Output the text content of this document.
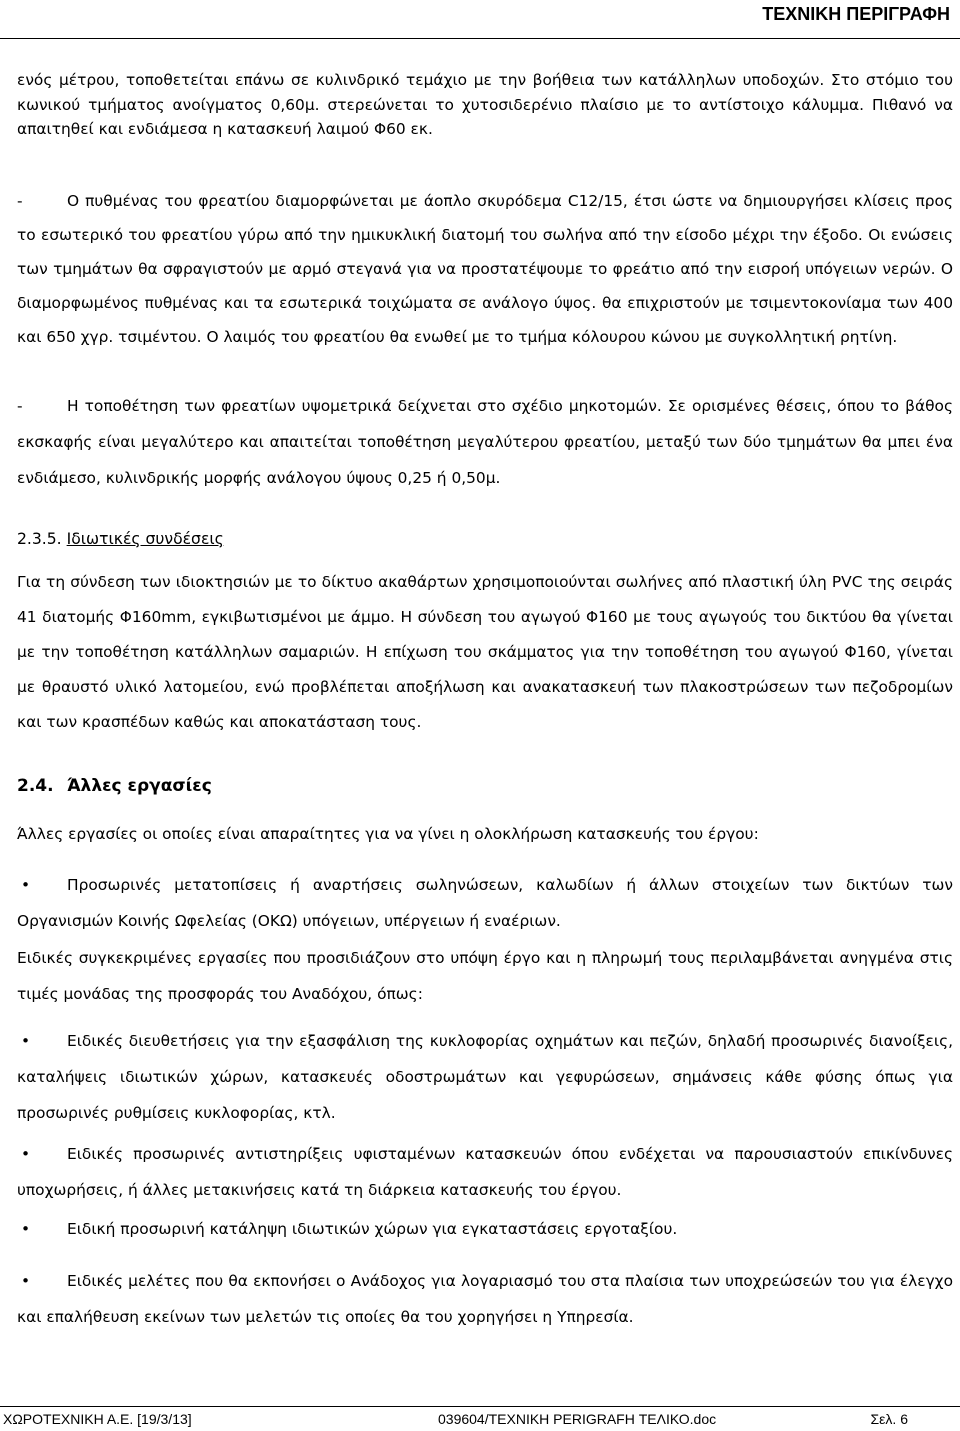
ΤΕΧΝΙΚΗ ΠΕΡΙΓΡΑΦΗ

ενός μέτρου, τοποθετείται επάνω σε κυλινδρικό τεμάχιο με την βοήθεια των κατάλληλων υποδοχών. Στο στόμιο του κωνικού τμήματος ανοίγματος 0,60μ. στερεώνεται το χυτοσιδερένιο πλαίσιο με το αντίστοιχο κάλυμμα. Πιθανό να απαιτηθεί και ενδιάμεσα η κατασκευή λαιμού Φ60 εκ.

-	Ο πυθμένας του φρεατίου διαμορφώνεται με άοπλο σκυρόδεμα C12/15, έτσι ώστε να δημιουργήσει κλίσεις προς το εσωτερικό του φρεατίου γύρω από την ημικυκλική διατομή του σωλήνα από την είσοδο μέχρι την έξοδο. Οι ενώσεις των τμημάτων θα σφραγιστούν με αρμό στεγανά για να προστατέψουμε το φρεάτιο από την εισροή υπόγειων νερών. Ο διαμορφωμένος πυθμένας και τα εσωτερικά τοιχώματα σε ανάλογο ύψος. θα επιχριστούν με τσιμεντοκονίαμα των 400 και 650 χγρ. τσιμέντου. Ο λαιμός του φρεατίου θα ενωθεί με το τμήμα κόλουρου κώνου με συγκολλητική ρητίνη.

-	Η τοποθέτηση των φρεατίων υψομετρικά δείχνεται στο σχέδιο μηκοτομών. Σε ορισμένες θέσεις, όπου το βάθος εκσκαφής είναι μεγαλύτερο και απαιτείται τοποθέτηση μεγαλύτερου φρεατίου, μεταξύ των δύο τμημάτων θα μπει ένα ενδιάμεσο, κυλινδρικής μορφής ανάλογου ύψους 0,25 ή 0,50μ.

2.3.5. Ιδιωτικές συνδέσεις

Για τη σύνδεση των ιδιοκτησιών με το δίκτυο ακαθάρτων χρησιμοποιούνται σωλήνες από πλαστική ύλη PVC της σειράς 41 διατομής Φ160mm, εγκιβωτισμένοι με άμμο. Η σύνδεση του αγωγού Φ160 με τους αγωγούς του δικτύου θα γίνεται με την τοποθέτηση κατάλληλων σαμαριών. Η επίχωση του σκάμματος για την τοποθέτηση του αγωγού Φ160, γίνεται με θραυστό υλικό λατομείου, ενώ προβλέπεται αποξήλωση και ανακατασκευή των πλακοστρώσεων των πεζοδρομίων και των κρασπέδων καθώς και αποκατάσταση τους.

2.4. Άλλες εργασίες

Άλλες εργασίες οι οποίες είναι απαραίτητες για να γίνει η ολοκλήρωση κατασκευής του έργου:

• Προσωρινές μετατοπίσεις ή αναρτήσεις σωληνώσεων, καλωδίων ή άλλων στοιχείων των δικτύων των Οργανισμών Κοινής Ωφελείας (ΟΚΩ) υπόγειων, υπέργειων ή εναέριων.

Ειδικές συγκεκριμένες εργασίες που προσιδιάζουν στο υπόψη έργο και η πληρωμή τους περιλαμβάνεται ανηγμένα στις τιμές μονάδας της προσφοράς του Αναδόχου, όπως:

• Ειδικές διευθετήσεις για την εξασφάλιση της κυκλοφορίας οχημάτων και πεζών, δηλαδή προσωρινές διανοίξεις, καταλήψεις ιδιωτικών χώρων, κατασκευές οδοστρωμάτων και γεφυρώσεων, σημάνσεις κάθε φύσης όπως για προσωρινές ρυθμίσεις κυκλοφορίας, κτλ.

• Ειδικές προσωρινές αντιστηρίξεις υφισταμένων κατασκευών όπου ενδέχεται να παρουσιαστούν επικίνδυνες υποχωρήσεις, ή άλλες μετακινήσεις κατά τη διάρκεια κατασκευής του έργου.

• Ειδική προσωρινή κατάληψη ιδιωτικών χώρων για εγκαταστάσεις εργοταξίου.

• Ειδικές μελέτες που θα εκπονήσει ο Ανάδοχος για λογαριασμό του στα πλαίσια των υποχρεώσεών του για έλεγχο και επαλήθευση εκείνων των μελετών τις οποίες θα του χορηγήσει η Υπηρεσία.

ΧΩΡΟΤΕΧΝΙΚΗ Α.Ε. [19/3/13]	039604/ΤΕΧΝΙΚΗ PERIGRAFH ΤΕΛΙΚΟ.doc	Σελ. 6
